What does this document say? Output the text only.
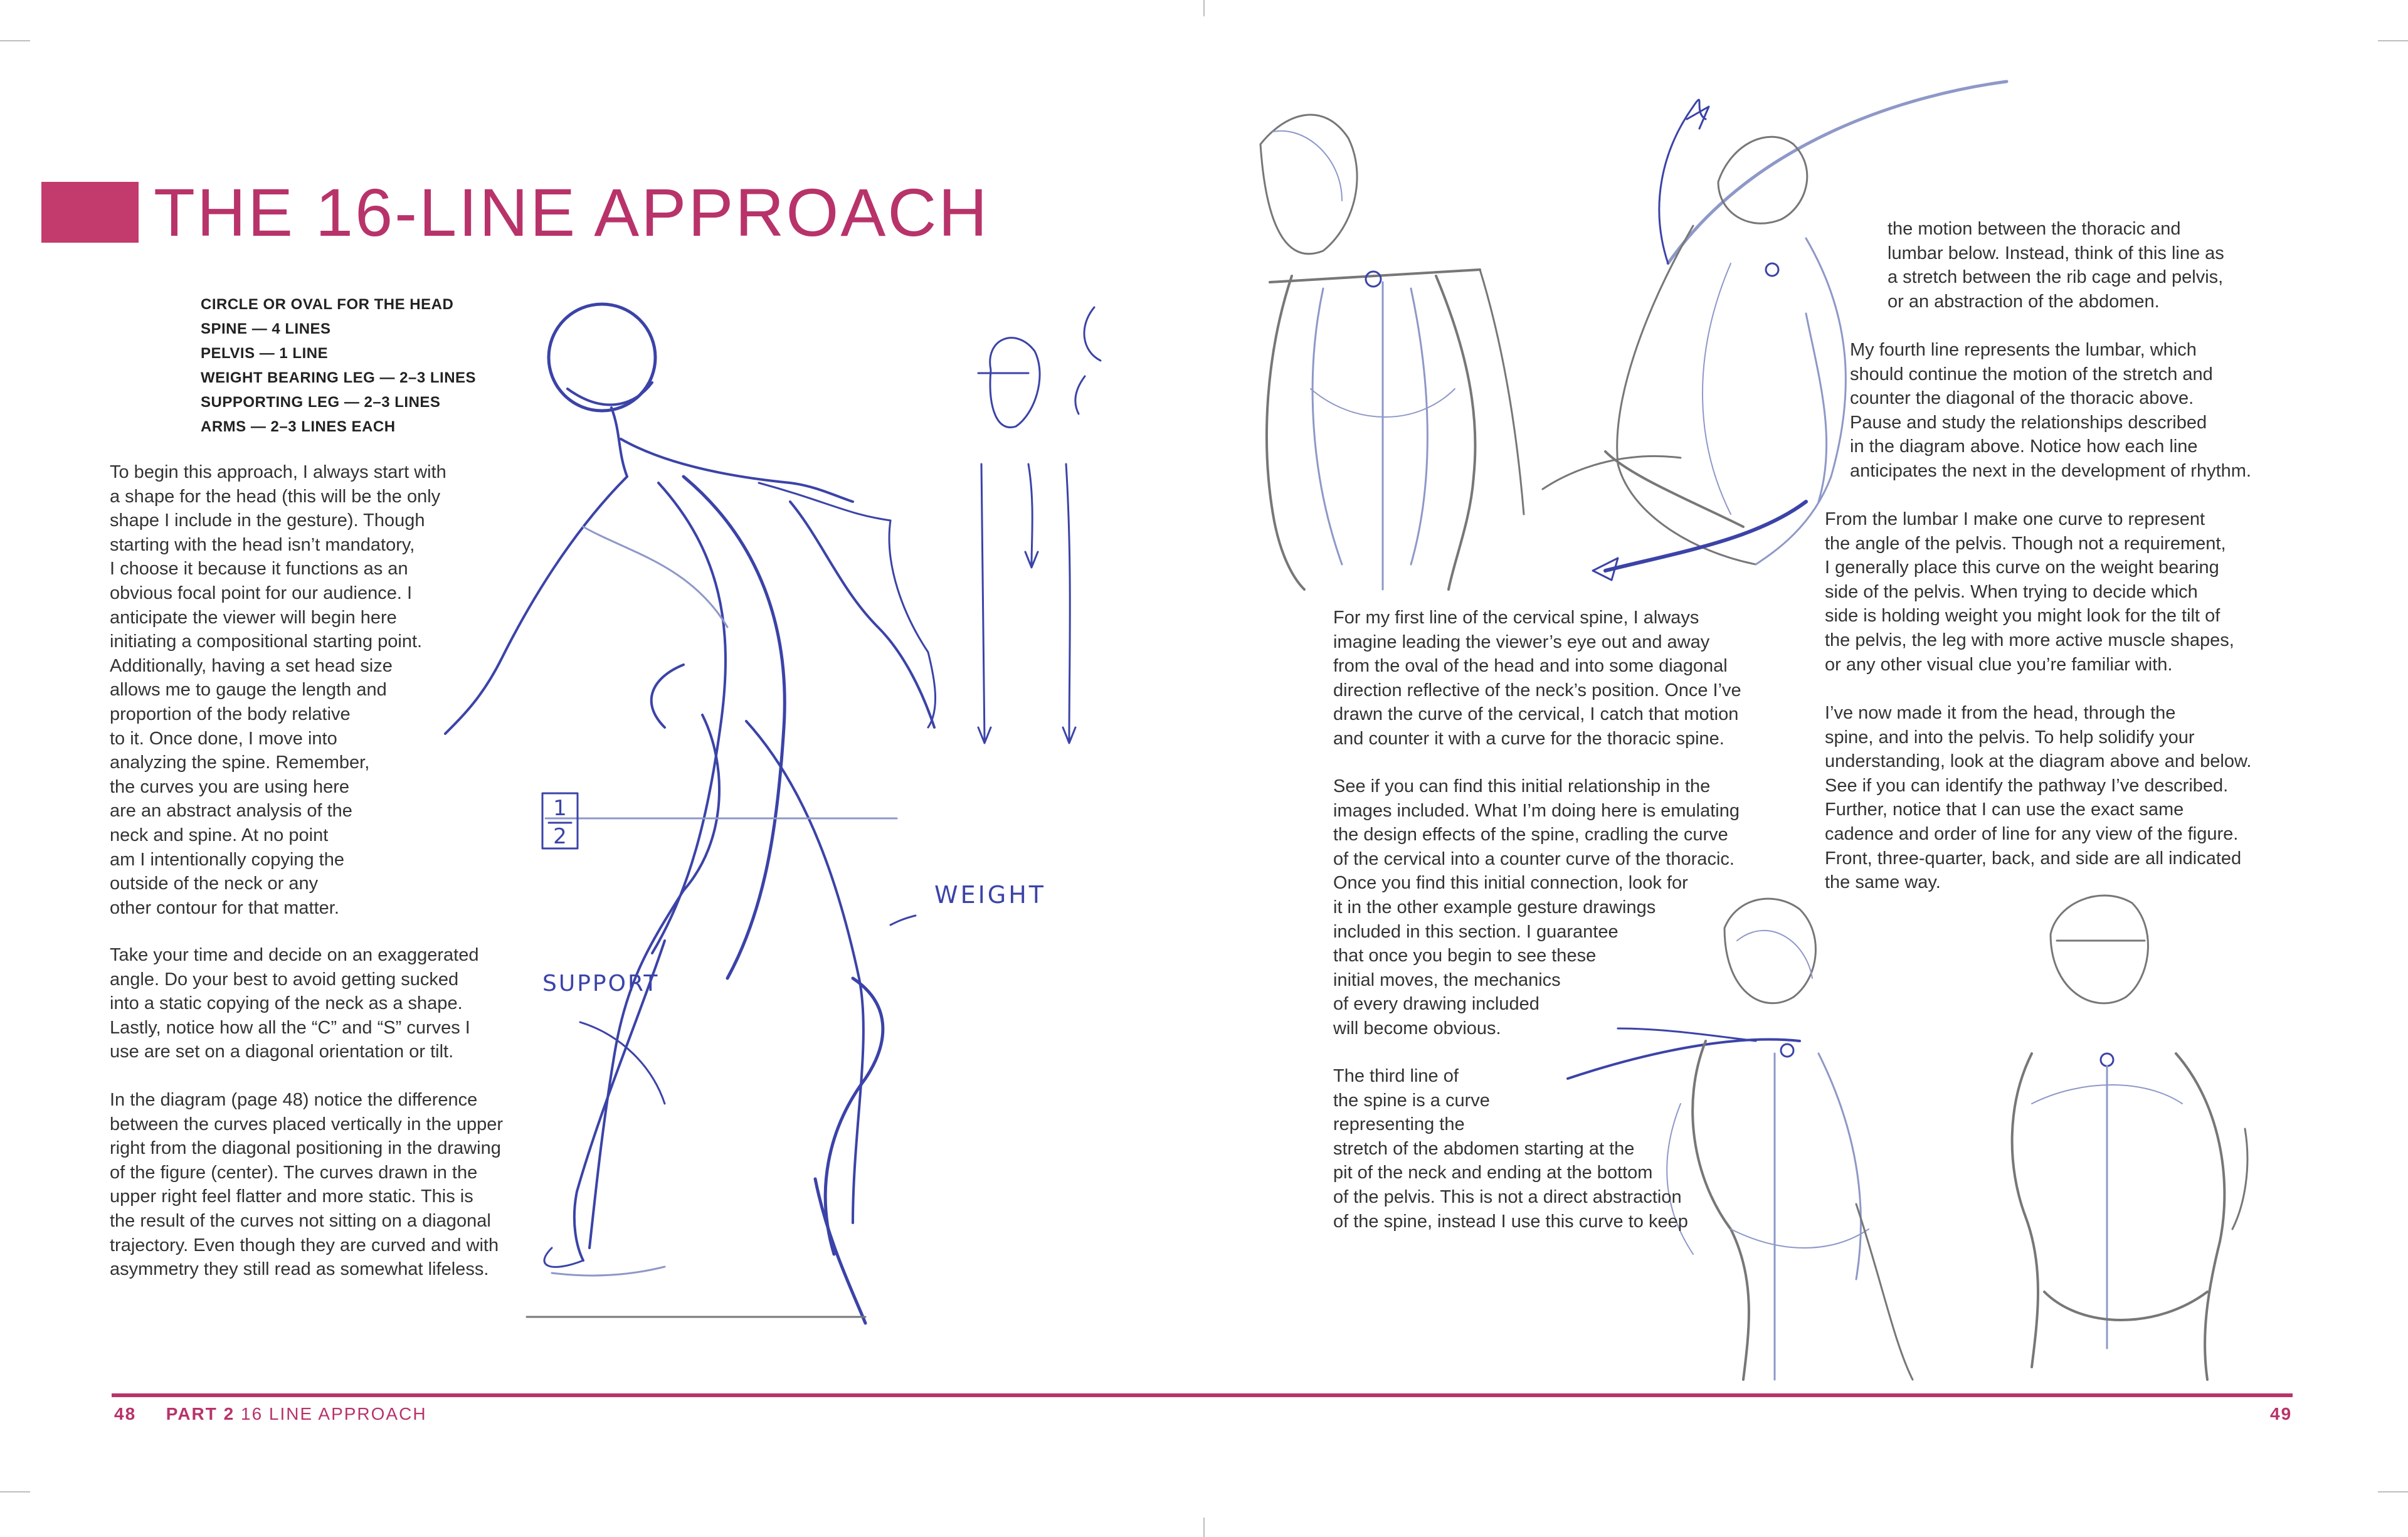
THE 16-LINE APPROACH
CIRCLE OR OVAL FOR THE HEAD
SPINE — 4 LINES
PELVIS — 1 LINE
WEIGHT BEARING LEG — 2–3 LINES
SUPPORTING LEG — 2–3 LINES
ARMS — 2–3 LINES EACH
1
2
WEIGHT
SUPPORT
To begin this approach, I always start with
a shape for the head (this will be the only
shape I include in the gesture). Though
starting with the head isn’t mandatory,
I choose it because it functions as an
obvious focal point for our audience. I
anticipate the viewer will begin here
initiating a compositional starting point.
Additionally, having a set head size
allows me to gauge the length and
proportion of the body relative
to it. Once done, I move into
analyzing the spine. Remember,
the curves you are using here
are an abstract analysis of the
neck and spine. At no point
am I intentionally copying the
outside of the neck or any
other contour for that matter.
Take your time and decide on an exaggerated
angle. Do your best to avoid getting sucked
into a static copying of the neck as a shape.
Lastly, notice how all the “C” and “S” curves I
use are set on a diagonal orientation or tilt.
In the diagram (page 48) notice the difference
between the curves placed vertically in the upper
right from the diagonal positioning in the drawing
of the figure (center). The curves drawn in the
upper right feel flatter and more static. This is
the result of the curves not sitting on a diagonal
trajectory. Even though they are curved and with
asymmetry they still read as somewhat lifeless.
For my first line of the cervical spine, I always
imagine leading the viewer’s eye out and away
from the oval of the head and into some diagonal
direction reflective of the neck’s position. Once I’ve
drawn the curve of the cervical, I catch that motion
and counter it with a curve for the thoracic spine.
See if you can find this initial relationship in the
images included. What I’m doing here is emulating
the design effects of the spine, cradling the curve
of the cervical into a counter curve of the thoracic.
Once you find this initial connection, look for
it in the other example gesture drawings
included in this section. I guarantee
that once you begin to see these
initial moves, the mechanics
of every drawing included
will become obvious.
The third line of
the spine is a curve
representing the
stretch of the abdomen starting at the
pit of the neck and ending at the bottom
of the pelvis. This is not a direct abstraction
of the spine, instead I use this curve to keep
the motion between the thoracic and
lumbar below. Instead, think of this line as
a stretch between the rib cage and pelvis,
or an abstraction of the abdomen.
My fourth line represents the lumbar, which
should continue the motion of the stretch and
counter the diagonal of the thoracic above.
Pause and study the relationships described
in the diagram above. Notice how each line
anticipates the next in the development of rhythm.
From the lumbar I make one curve to represent
the angle of the pelvis. Though not a requirement,
I generally place this curve on the weight bearing
side of the pelvis. When trying to decide which
side is holding weight you might look for the tilt of
the pelvis, the leg with more active muscle shapes,
or any other visual clue you’re familiar with.
I’ve now made it from the head, through the
spine, and into the pelvis. To help solidify your
understanding, look at the diagram above and below.
See if you can identify the pathway I’ve described.
Further, notice that I can use the exact same
cadence and order of line for any view of the figure.
Front, three-quarter, back, and side are all indicated
the same way.
48 PART 2 16 LINE APPROACH	49
